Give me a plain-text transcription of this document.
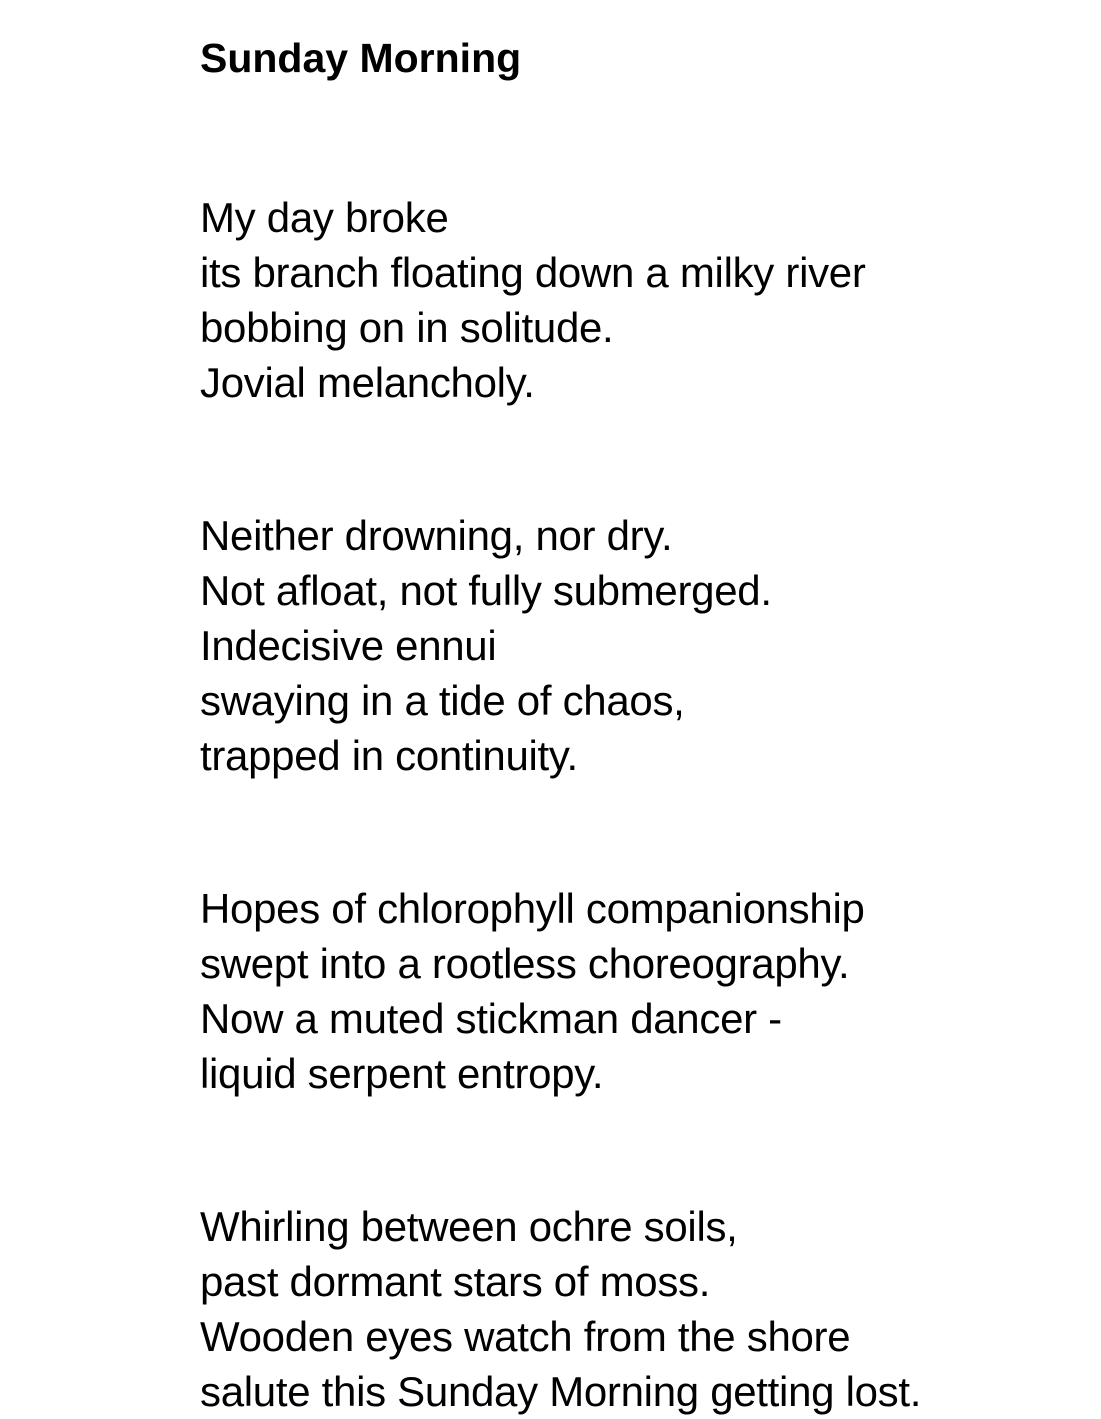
Sunday Morning
My day broke
its branch floating down a milky river
bobbing on in solitude.
Jovial melancholy.
Neither drowning, nor dry.
Not afloat, not fully submerged.
Indecisive ennui
swaying in a tide of chaos,
trapped in continuity.
Hopes of chlorophyll companionship
swept into a rootless choreography.
Now a muted stickman dancer -
liquid serpent entropy.
Whirling between ochre soils,
past dormant stars of moss.
Wooden eyes watch from the shore
salute this Sunday Morning getting lost.
